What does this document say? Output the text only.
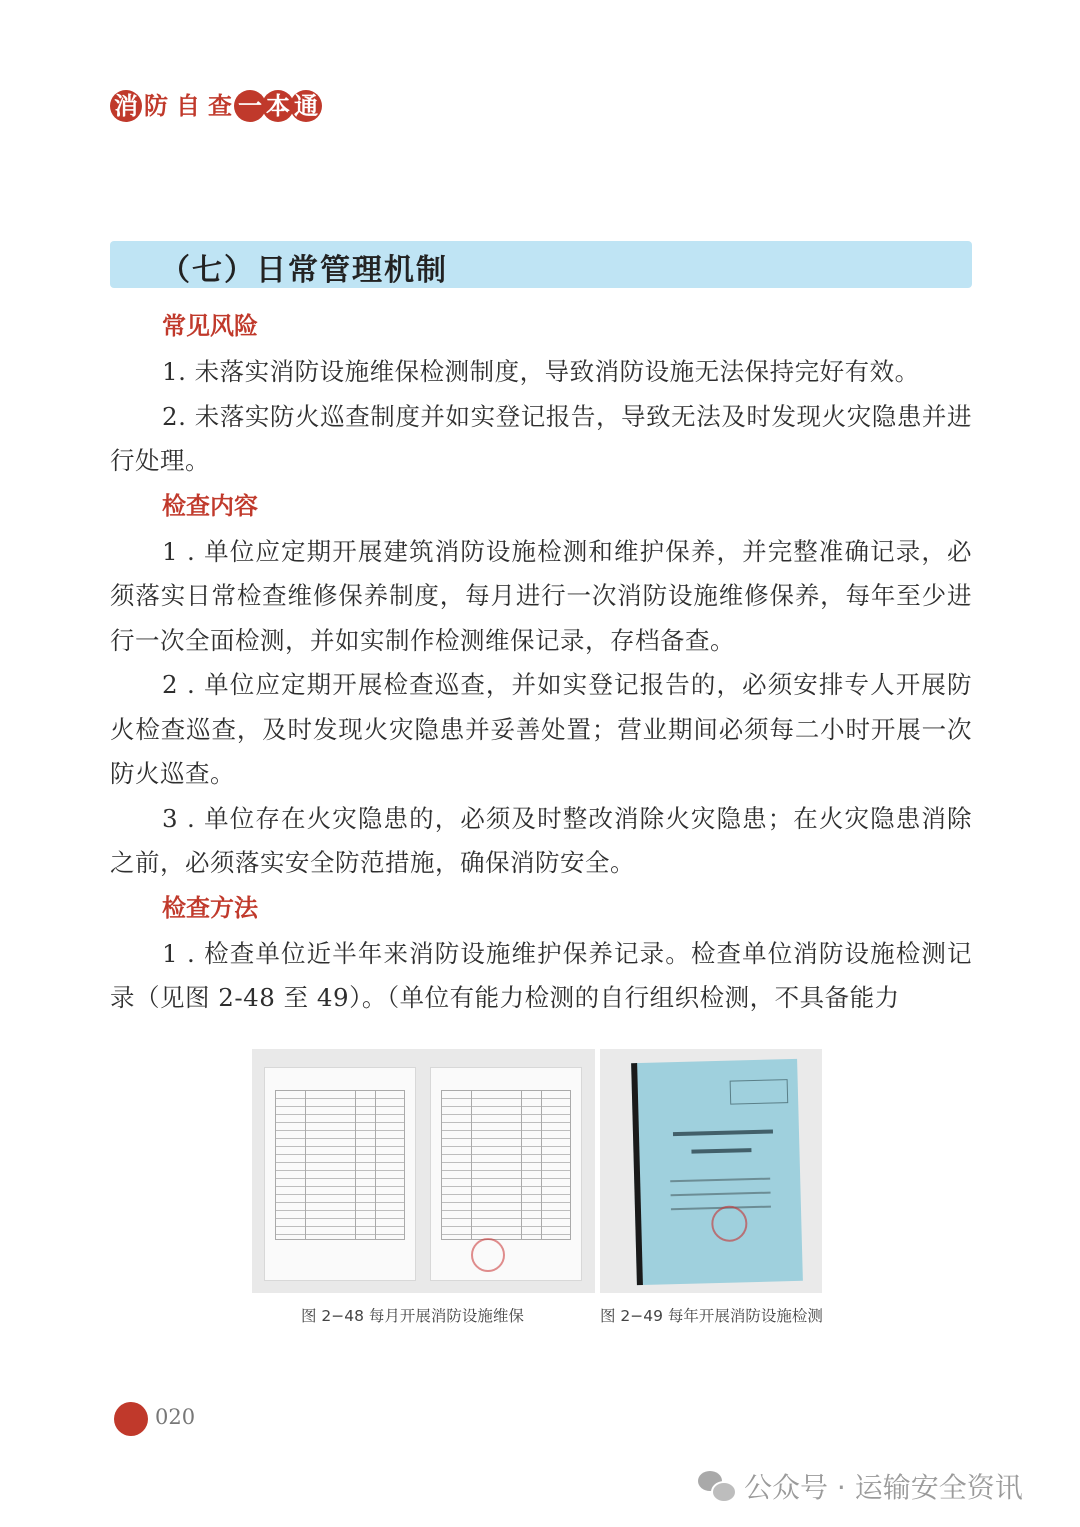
消 防 自 查 一 本 通
（七）日常管理机制
常见风险

1. 未落实消防设施维保检测制度，导致消防设施无法保持完好有效。

2. 未落实防火巡查制度并如实登记报告，导致无法及时发现火灾隐患并进行处理。

检查内容

1 . 单位应定期开展建筑消防设施检测和维护保养，并完整准确记录，必须落实日常检查维修保养制度，每月进行一次消防设施维修保养，每年至少进行一次全面检测，并如实制作检测维保记录，存档备查。

2 . 单位应定期开展检查巡查，并如实登记报告的，必须安排专人开展防火检查巡查，及时发现火灾隐患并妥善处置；营业期间必须每二小时开展一次防火巡查。

3 . 单位存在火灾隐患的，必须及时整改消除火灾隐患；在火灾隐患消除之前，必须落实安全防范措施，确保消防安全。

检查方法

1 . 检查单位近半年来消防设施维护保养记录。检查单位消防设施检测记录（见图 2-48 至 49）。（单位有能力检测的自行组织检测，不具备能力

图 2−48 每月开展消防设施维保	图 2−49 每年开展消防设施检测
020
公众号 · 运输安全资讯
